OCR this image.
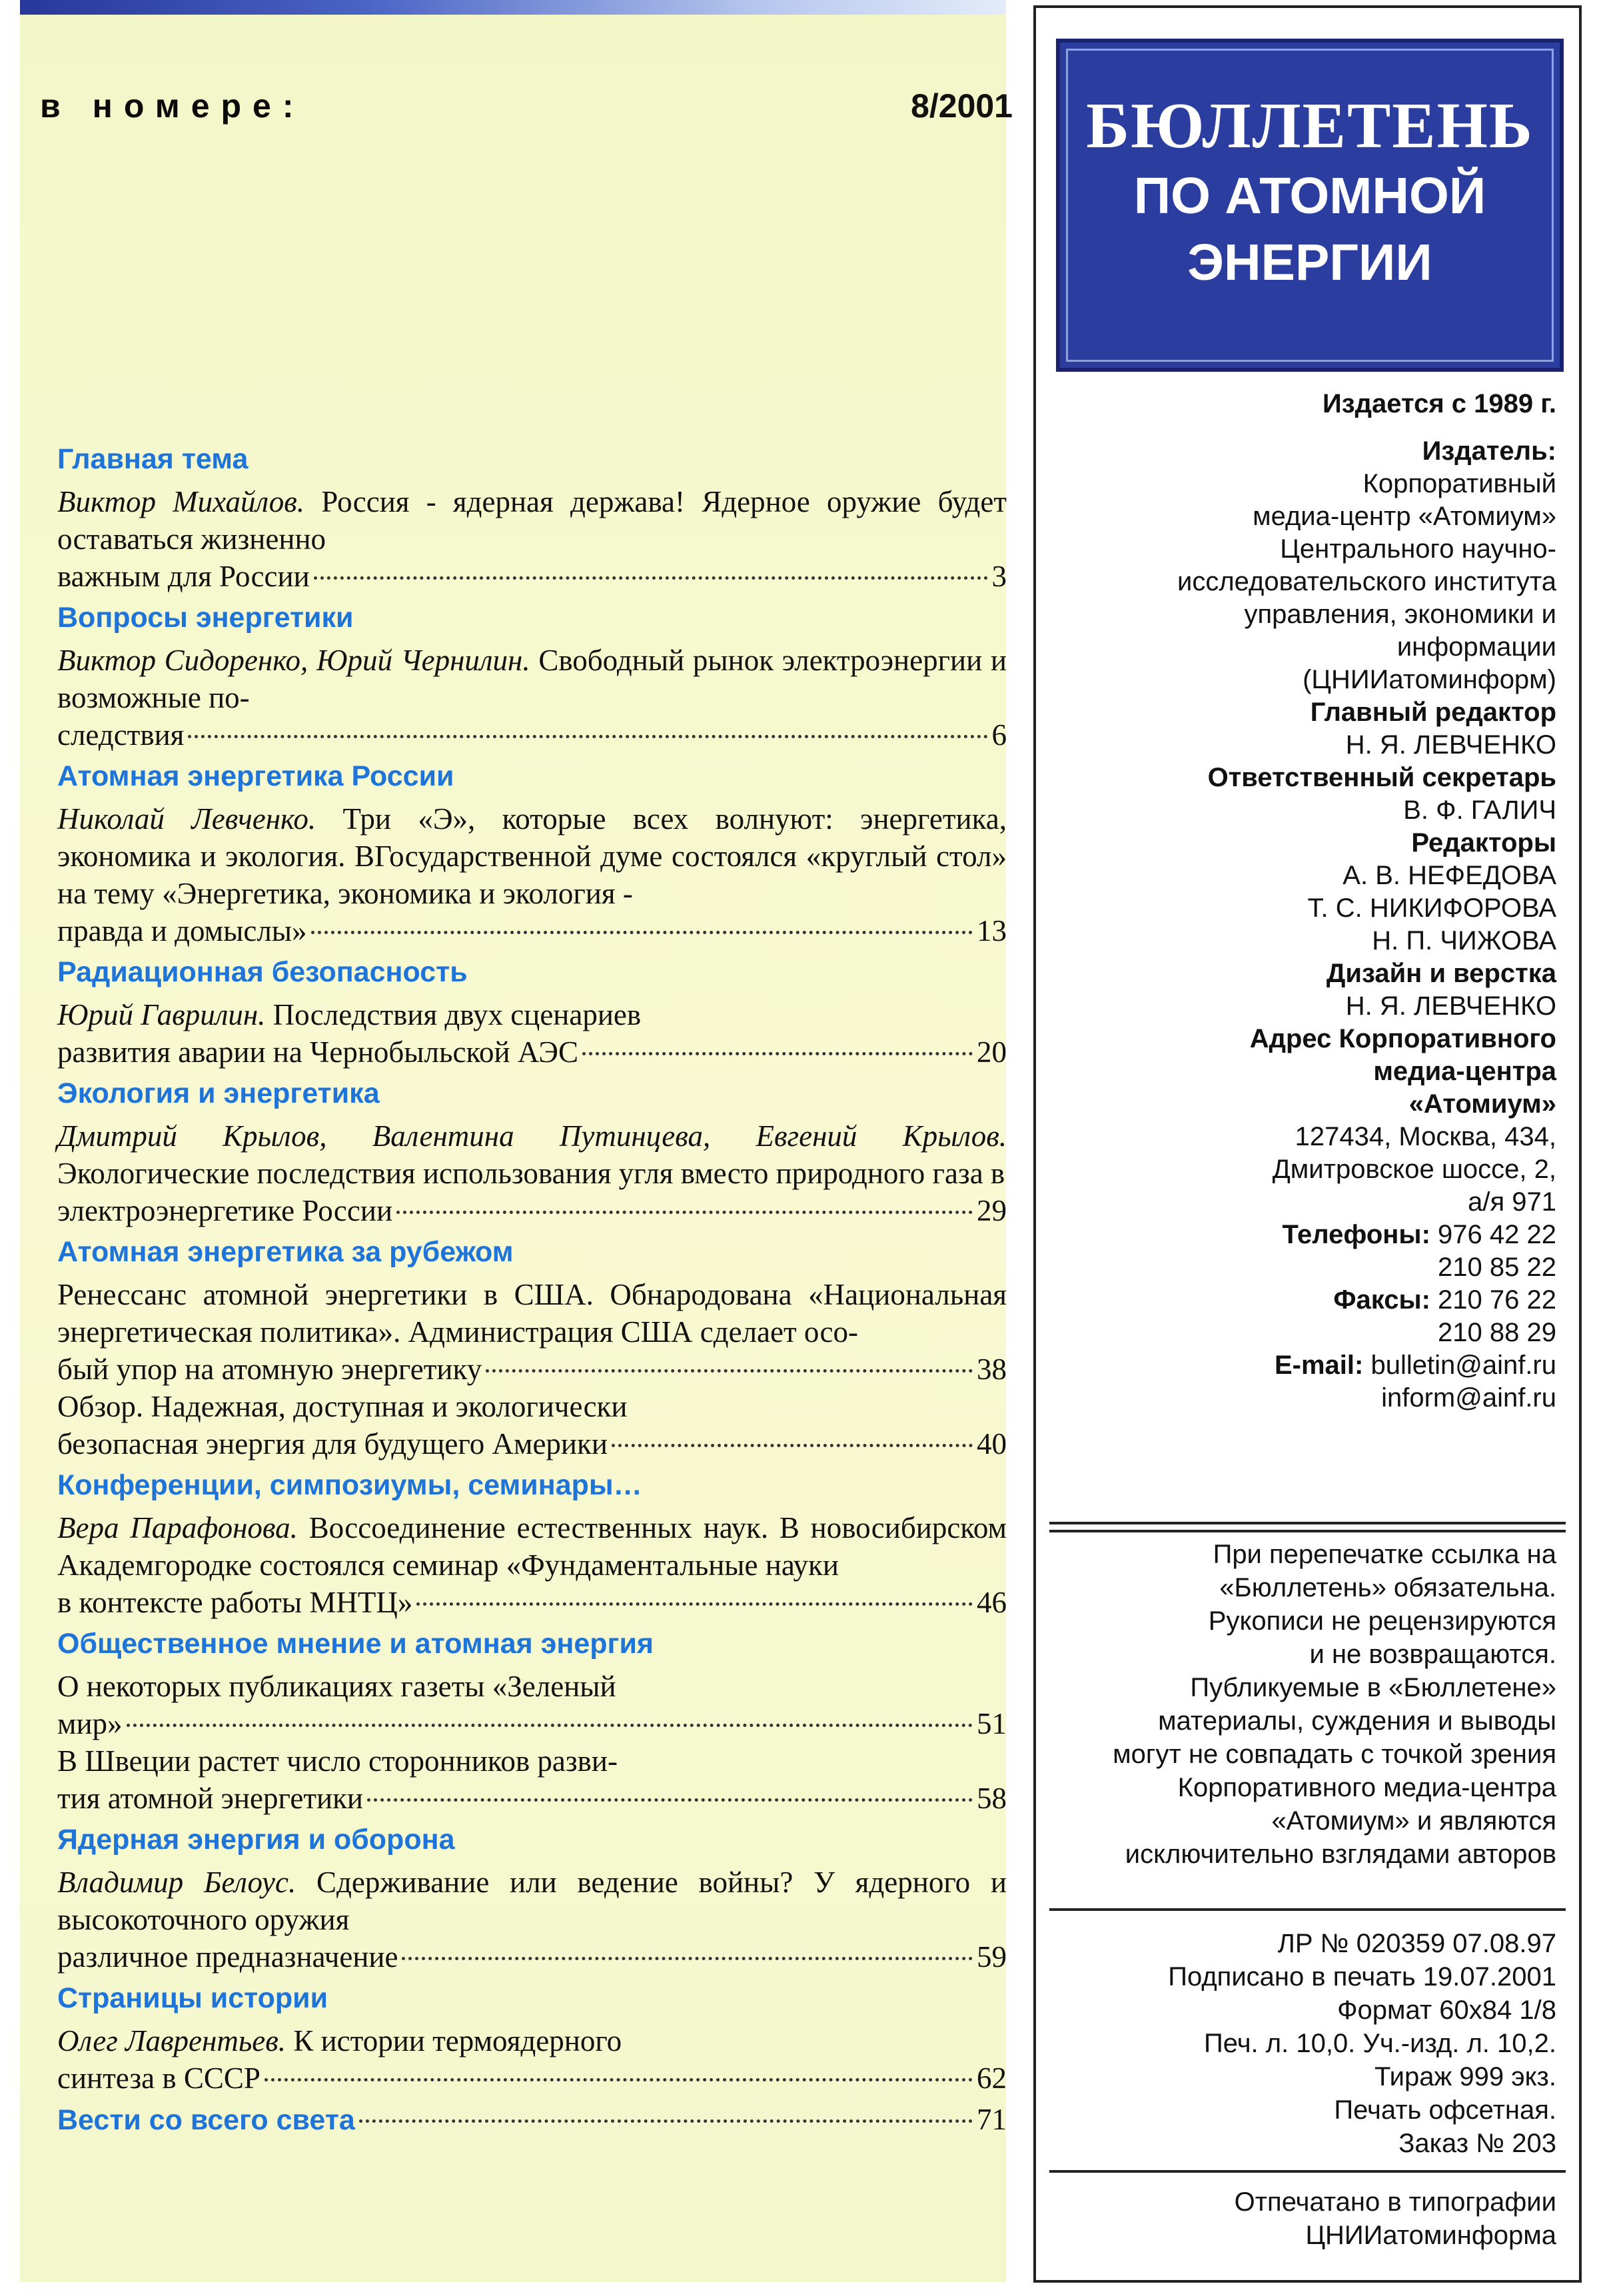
в номере:	8/2001
Главная тема
Виктор Михайлов. Россия - ядерная держава! Ядерное оружие будет оставаться жизненно
важным для России	3
Вопросы энергетики
Виктор Сидоренко, Юрий Чернилин. Свободный рынок электроэнергии и возможные по-
следствия	6
Атомная энергетика России
Николай Левченко. Три «Э», которые всех волнуют: энергетика, экономика и экология. ВГосударственной думе состоялся «круглый стол» на тему «Энергетика, экономика и экология -
правда и домыслы»	13
Радиационная безопасность
Юрий Гаврилин. Последствия двух сценариев
развития аварии на Чернобыльской АЭС	20
Экология и энергетика
Дмитрий Крылов, Валентина Путинцева, Евгений Крылов. Экологические последствия использования угля вместо природного газа в
электроэнергетике России	29
Атомная энергетика за рубежом
Ренессанс атомной энергетики в США. Обнародована «Национальная энергетическая политика». Администрация США сделает осо-
бый упор на атомную энергетику	38
Обзор. Надежная, доступная и экологически
безопасная энергия для будущего Америки	40
Конференции, симпозиумы, семинары…
Вера Парафонова. Воссоединение естественных наук. В новосибирском Академгородке состоялся семинар «Фундаментальные науки
в контексте работы МНТЦ»	46
Общественное мнение и атомная энергия
О некоторых публикациях газеты «Зеленый
мир»	51
В Швеции растет число сторонников разви-
тия атомной энергетики	58
Ядерная энергия и оборона
Владимир Белоус. Сдерживание или ведение войны? У ядерного и высокоточного оружия
различное предназначение	59
Страницы истории
Олег Лаврентьев. К истории термоядерного
синтеза в СССР	62
Вести со всего света	71
БЮЛЛЕТЕНЬ
ПО АТОМНОЙ
ЭНЕРГИИ
Издается с 1989 г.
Издатель:
Корпоративный
медиа-центр «Атомиум»
Центрального научно-
исследовательского института
управления, экономики и
информации
(ЦНИИатоминформ)
Главный редактор
Н. Я. ЛЕВЧЕНКО
Ответственный секретарь
В. Ф. ГАЛИЧ
Редакторы
А. В. НЕФЕДОВА
Т. С. НИКИФОРОВА
Н. П. ЧИЖОВА
Дизайн и верстка
Н. Я. ЛЕВЧЕНКО
Адрес Корпоративного
медиа-центра
«Атомиум»
127434, Москва, 434,
Дмитровское шоссе, 2,
а/я 971
Телефоны: 976 42 22
210 85 22
Факсы: 210 76 22
210 88 29
E-mail: bulletin@ainf.ru
inform@ainf.ru
При перепечатке ссылка на
«Бюллетень» обязательна.
Рукописи не рецензируются
и не возвращаются.
Публикуемые в «Бюллетене»
материалы, суждения и выводы
могут не совпадать с точкой зрения
Корпоративного медиа-центра
«Атомиум» и являются
исключительно взглядами авторов
ЛР № 020359 07.08.97
Подписано в печать 19.07.2001
Формат 60x84 1/8
Печ. л. 10,0. Уч.-изд. л. 10,2.
Тираж 999 экз.
Печать офсетная.
Заказ № 203
Отпечатано в типографии
ЦНИИатоминформа
